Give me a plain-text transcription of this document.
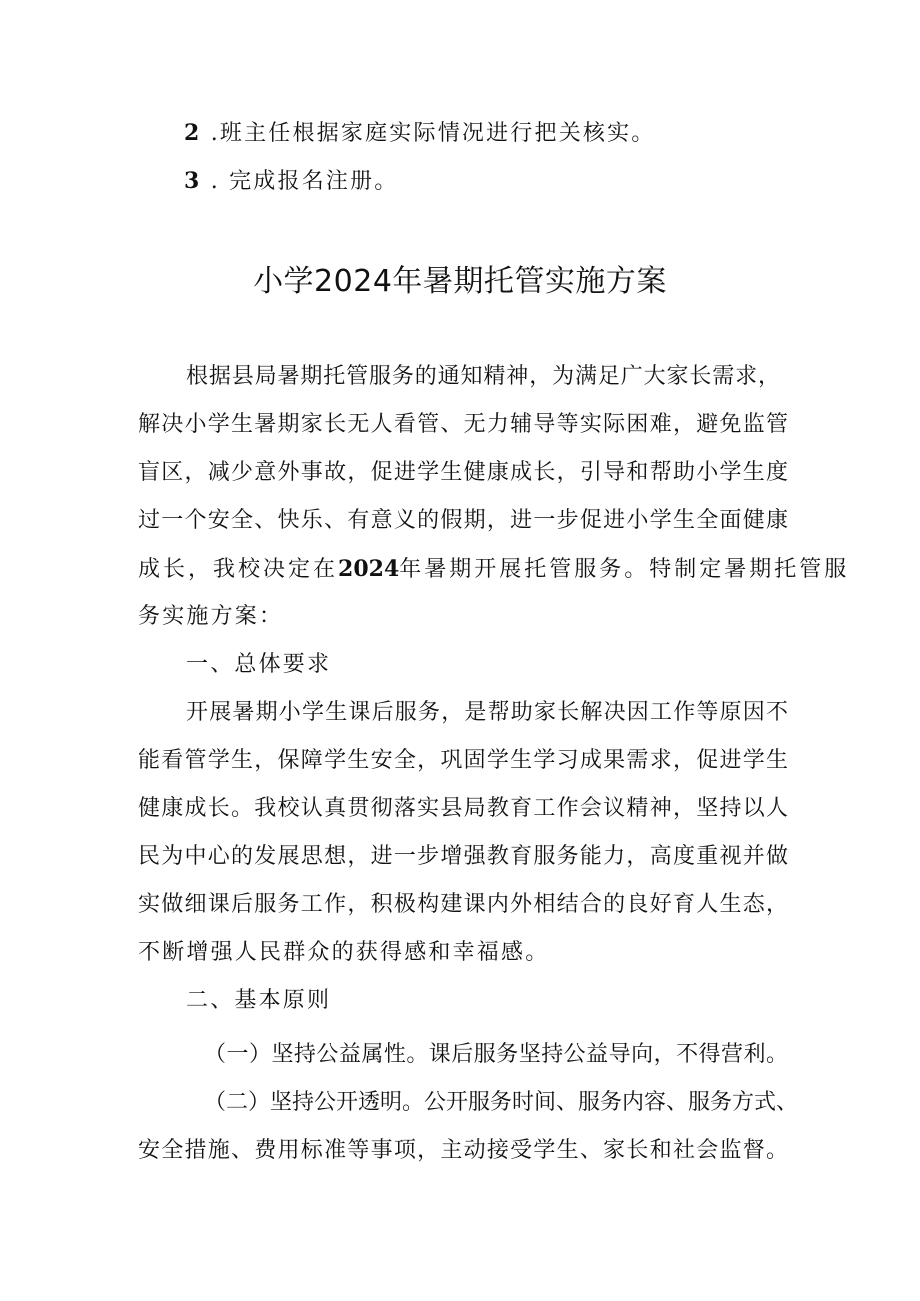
2 .班主任根据家庭实际情况进行把关核实。
3 . 完成报名注册。
小学2024年暑期托管实施方案
根据县局暑期托管服务的通知精神，为满足广大家长需求，
解决小学生暑期家长无人看管、无力辅导等实际困难，避免监管
盲区，减少意外事故，促进学生健康成长，引导和帮助小学生度
过一个安全、快乐、有意义的假期，进一步促进小学生全面健康
成长，我校决定在2024年暑期开展托管服务。特制定暑期托管服
务实施方案：
一、总体要求
开展暑期小学生课后服务，是帮助家长解决因工作等原因不
能看管学生，保障学生安全，巩固学生学习成果需求，促进学生
健康成长。我校认真贯彻落实县局教育工作会议精神，坚持以人
民为中心的发展思想，进一步增强教育服务能力，高度重视并做
实做细课后服务工作，积极构建课内外相结合的良好育人生态，
不断增强人民群众的获得感和幸福感。
二、基本原则
（一）坚持公益属性。课后服务坚持公益导向，不得营利。
（二）坚持公开透明。公开服务时间、服务内容、服务方式、
安全措施、费用标准等事项，主动接受学生、家长和社会监督。
